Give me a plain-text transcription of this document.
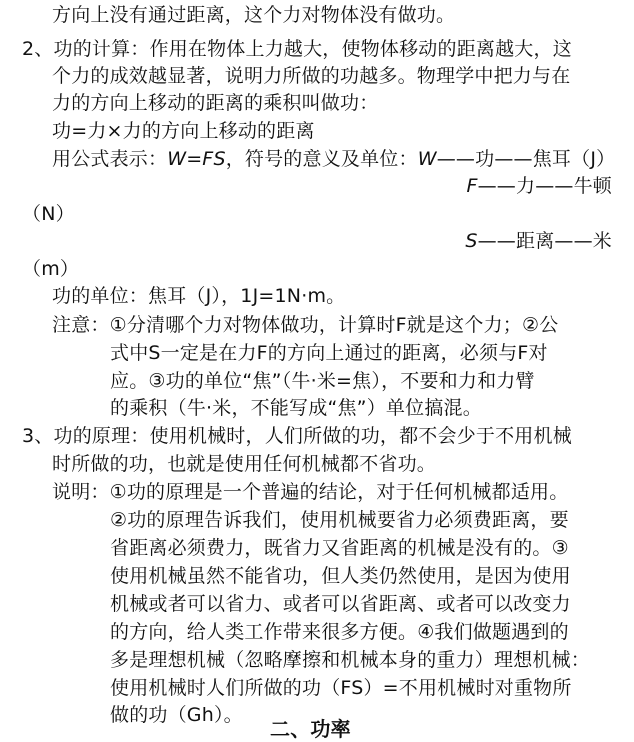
方向上没有通过距离，这个力对物体没有做功。
2、功的计算：作用在物体上力越大，使物体移动的距离越大，这
个力的成效越显著，说明力所做的功越多。物理学中把力与在
力的方向上移动的距离的乘积叫做功：
功=力×力的方向上移动的距离
用公式表示：W=FS，符号的意义及单位：W——功——焦耳（J）
F——力——牛顿
（N）
S——距离——米
（m）
功的单位：焦耳（J），1J=1N·m。
注意：①分清哪个力对物体做功，计算时F就是这个力；②公
式中S一定是在力F的方向上通过的距离，必须与F对
应。③功的单位“焦”（牛·米=焦），不要和力和力臂
的乘积（牛·米，不能写成“焦”）单位搞混。
3、功的原理：使用机械时，人们所做的功，都不会少于不用机械
时所做的功，也就是使用任何机械都不省功。
说明：①功的原理是一个普遍的结论，对于任何机械都适用。
②功的原理告诉我们，使用机械要省力必须费距离，要
省距离必须费力，既省力又省距离的机械是没有的。③
使用机械虽然不能省功，但人类仍然使用，是因为使用
机械或者可以省力、或者可以省距离、或者可以改变力
的方向，给人类工作带来很多方便。④我们做题遇到的
多是理想机械（忽略摩擦和机械本身的重力）理想机械：
使用机械时人们所做的功（FS）=不用机械时对重物所
做的功（Gh）。
二、功率
